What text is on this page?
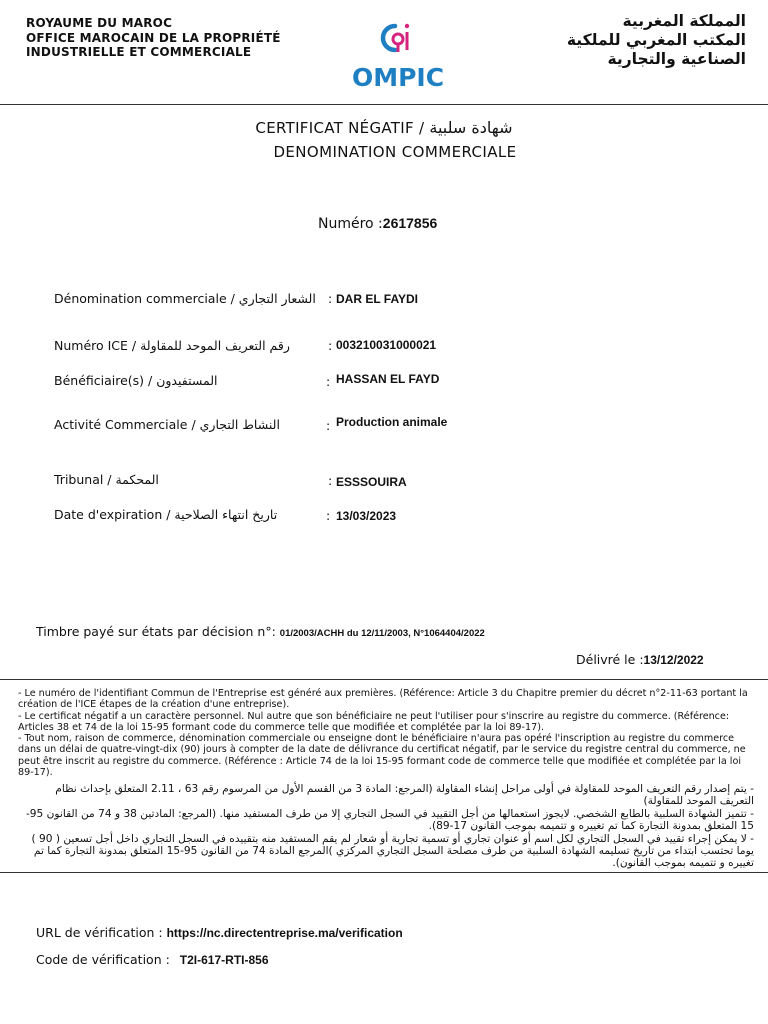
ROYAUME DU MAROC
OFFICE MAROCAIN DE LA PROPRIÉTÉ
INDUSTRIELLE ET COMMERCIALE
OMPIC
المملكة المغربية
المكتب المغربي للملكية
الصناعية والتجارية
CERTIFICAT NÉGATIF / شهادة سلبية
DENOMINATION COMMERCIALE
Numéro :2617856
Dénomination commerciale / الشعار التجاري : DAR EL FAYDI
Numéro ICE / رقم التعريف الموحد للمقاولة	: 003210031000021
Bénéficiaire(s) / المستفيدون	: HASSAN EL FAYD
Activité Commerciale / النشاط التجاري	: Production animale
Tribunal / المحكمة	: ESSSOUIRA
Date d'expiration / تاريخ انتهاء الصلاحية	: 13/03/2023
Timbre payé sur états par décision n°: 01/2003/ACHH du 12/11/2003, N°1064404/2022
Délivré le :13/12/2022

- Le numéro de l'identifiant Commun de l'Entreprise est généré aux premières. (Référence: Article 3 du Chapitre premier du décret n°2-11-63 portant la création de l'ICE étapes de la création d'une entreprise).

- Le certificat négatif a un caractère personnel. Nul autre que son bénéficiaire ne peut l'utiliser pour s'inscrire au registre du commerce. (Référence: Articles 38 et 74 de la loi 15-95 formant code du commerce telle que modifiée et complétée par la loi 89-17).

- Tout nom, raison de commerce, dénomination commerciale ou enseigne dont le bénéficiaire n'aura pas opéré l'inscription au registre du commerce dans un délai de quatre-vingt-dix (90) jours à compter de la date de délivrance du certificat négatif, par le service du registre central du commerce, ne peut être inscrit au registre du commerce. (Référence : Article 74 de la loi 15-95 formant code de commerce telle que modifiée et complétée par la loi 89-17).

- يتم إصدار رقم التعريف الموحد للمقاولة في أولى مراحل إنشاء المقاولة (المرجع: المادة 3 من القسم الأول من المرسوم رقم 63 ، 2.11 المتعلق بإحداث نظام التعريف الموحد للمقاولة)

- تتميز الشهادة السلبية بالطابع الشخصي. لايجوز استعمالها من أجل التقييد في السجل التجاري إلا من طرف المستفيد منها. (المرجع: المادتين 38 و 74 من القانون 95-15 المتعلق بمدونة التجارة كما تم تغييره و تتميمه بموجب القانون 17-89).

- لا يمكن إجراء تقييد في السجل التجاري لكل اسم أو عنوان تجاري أو تسمية تجارية أو شعار لم يقم المستفيد منه بتقييده في السجل التجاري داخل أجل تسعين ( 90 ) يوما تحتسب ابتداء من تاريخ تسليمه الشهادة السلبية من طرف مصلحة السجل التجاري المركزي )المرجع المادة 74 من القانون 95-15 المتعلق بمدونة التجارة كما تم تغييره و تتميمه بموجب القانون).

URL de vérification : https://nc.directentreprise.ma/verification
Code de vérification : T2I-617-RTI-856
